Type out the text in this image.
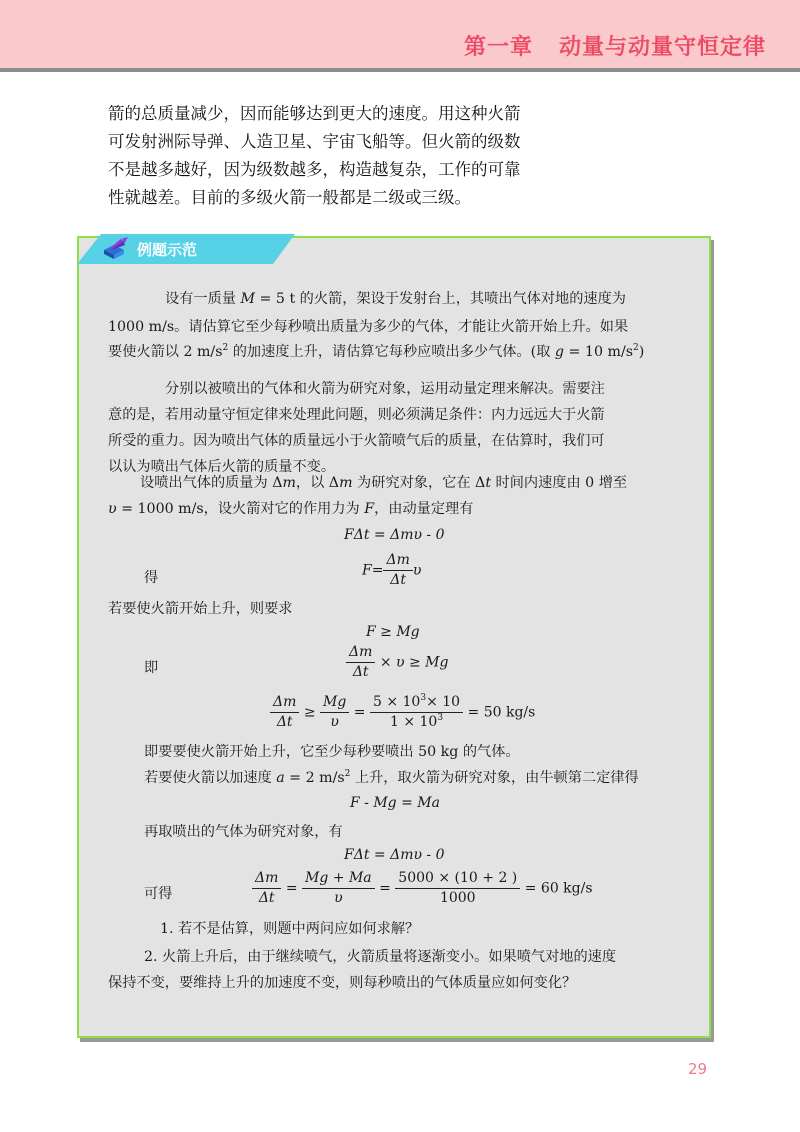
第一章 动量与动量守恒定律
箭的总质量减少，因而能够达到更大的速度。用这种火箭
可发射洲际导弹、人造卫星、宇宙飞船等。但火箭的级数
不是越多越好，因为级数越多，构造越复杂，工作的可靠
性就越差。目前的多级火箭一般都是二级或三级。
例题示范
设有一质量 M = 5 t 的火箭，架设于发射台上，其喷出气体对地的速度为
1000 m/s。请估算它至少每秒喷出质量为多少的气体，才能让火箭开始上升。如果
要使火箭以 2 $m/s^2$ 的加速度上升，请估算它每秒应喷出多少气体。(取 g = 10 $m/s^2$)
分别以被喷出的气体和火箭为研究对象，运用动量定理来解决。需要注
意的是，若用动量守恒定律来处理此问题，则必须满足条件：内力远远大于火箭
所受的重力。因为喷出气体的质量远小于火箭喷气后的质量，在估算时，我们可
以认为喷出气体后火箭的质量不变。
设喷出气体的质量为 Δm，以 Δm 为研究对象，它在 Δt 时间内速度由 0 增至
υ = 1000 m/s，设火箭对它的作用力为 F，由动量定理有
FΔt = Δmυ - 0
得	$F= \frac{\Delta m}{\Delta t}$ υ
若要使火箭开始上升，则要求
F ≥ Mg
即	$\frac{\Delta m}{\Delta t} \times \upsilon \ge Mg$
$\frac{\Delta m}{\Delta t} \ge \frac{Mg}{\upsilon} = \frac{5 \times 10^3\times 10}{1 \times 10^3} = 50$ kg/s
即要要使火箭开始上升，它至少每秒要喷出 50 kg 的气体。
若要使火箭以加速度 a = 2 $m/s^2$ 上升，取火箭为研究对象，由牛顿第二定律得
F - Mg = Ma
再取喷出的气体为研究对象，有
FΔt = Δmυ - 0
可得	$\frac{\Delta m}{\Delta t} = \frac{Mg + Ma}{\upsilon} = \frac{5000 \times (10 + 2 )}{1000} = 60$ kg/s
1. 若不是估算，则题中两问应如何求解？
2. 火箭上升后，由于继续喷气，火箭质量将逐渐变小。如果喷气对地的速度
保持不变，要维持上升的加速度不变，则每秒喷出的气体质量应如何变化？
29
